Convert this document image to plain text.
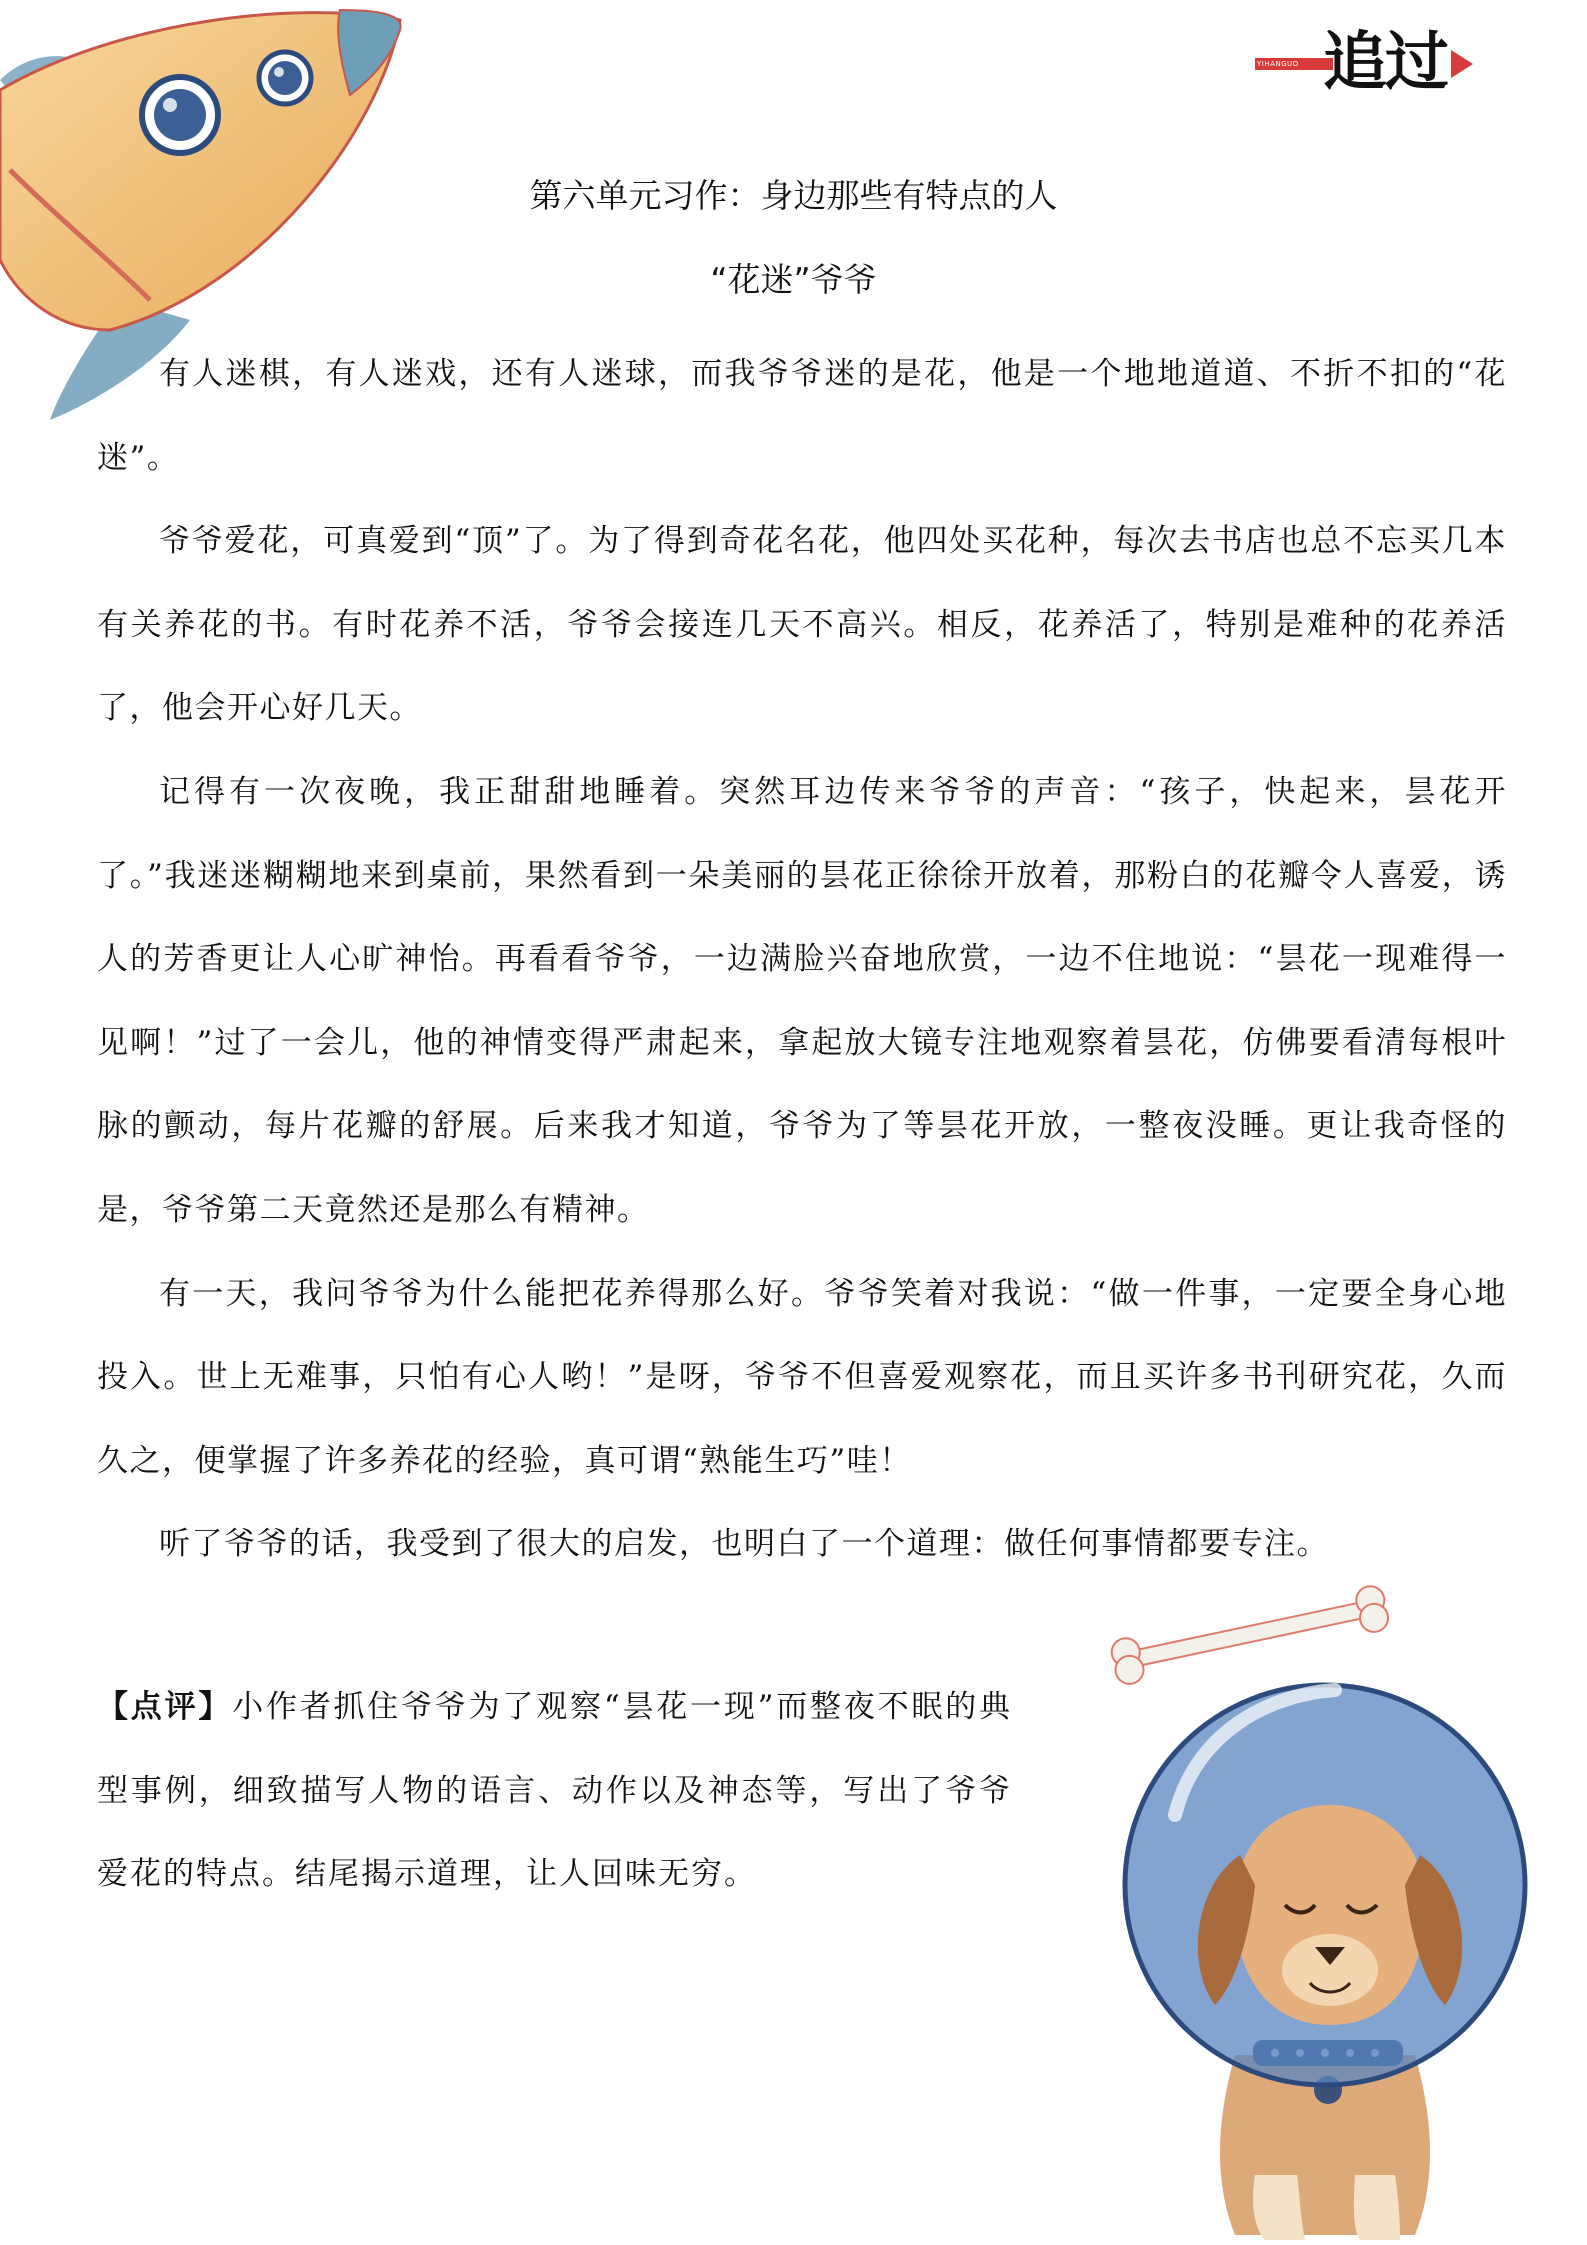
YIHANGUO 追过
第六单元习作：身边那些有特点的人
“花迷”爷爷

有人迷棋，有人迷戏，还有人迷球，而我爷爷迷的是花，他是一个地地道道、不折不扣的“花迷”。

爷爷爱花，可真爱到“顶”了。为了得到奇花名花，他四处买花种，每次去书店也总不忘买几本有关养花的书。有时花养不活，爷爷会接连几天不高兴。相反，花养活了，特别是难种的花养活了，他会开心好几天。

记得有一次夜晚，我正甜甜地睡着。突然耳边传来爷爷的声音：“孩子，快起来，昙花开了。”我迷迷糊糊地来到桌前，果然看到一朵美丽的昙花正徐徐开放着，那粉白的花瓣令人喜爱，诱人的芳香更让人心旷神怡。再看看爷爷，一边满脸兴奋地欣赏，一边不住地说：“昙花一现难得一见啊！”过了一会儿，他的神情变得严肃起来，拿起放大镜专注地观察着昙花，仿佛要看清每根叶脉的颤动，每片花瓣的舒展。后来我才知道，爷爷为了等昙花开放，一整夜没睡。更让我奇怪的是，爷爷第二天竟然还是那么有精神。

有一天，我问爷爷为什么能把花养得那么好。爷爷笑着对我说：“做一件事，一定要全身心地投入。世上无难事，只怕有心人哟！”是呀，爷爷不但喜爱观察花，而且买许多书刊研究花，久而久之，便掌握了许多养花的经验，真可谓“熟能生巧”哇！

听了爷爷的话，我受到了很大的启发，也明白了一个道理：做任何事情都要专注。

【点评】小作者抓住爷爷为了观察“昙花一现”而整夜不眠的典型事例，细致描写人物的语言、动作以及神态等，写出了爷爷爱花的特点。结尾揭示道理，让人回味无穷。
